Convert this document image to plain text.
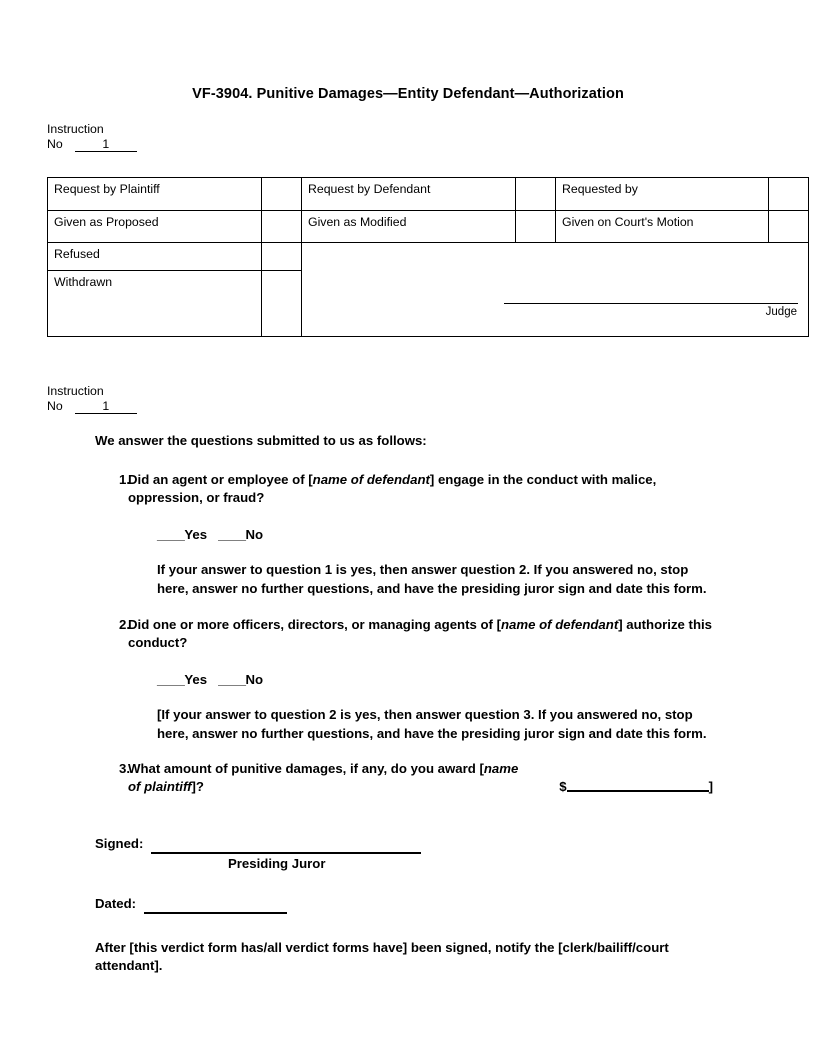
VF-3904. Punitive Damages—Entity Defendant—Authorization
Instruction
No	1
Request by Plaintiff		Request by Defendant		Requested by	
Given as Proposed		Given as Modified		Given on Court's Motion	
Refused		Judge			

Withdrawn					
Instruction
No	1

We answer the questions submitted to us as follows:

1.
Did an agent or employee of [name of defendant] engage in the conduct with malice, oppression, or fraud?
____Yes ____No

If your answer to question 1 is yes, then answer question 2. If you answered no, stop here, answer no further questions, and have the presiding juror sign and date this form.

2.
Did one or more officers, directors, or managing agents of [name of defendant] authorize this conduct?
____Yes ____No

[If your answer to question 2 is yes, then answer question 3. If you answered no, stop here, answer no further questions, and have the presiding juror sign and date this form.

3.
What amount of punitive damages, if any, do you award [name of plaintiff]?	$	]
Signed:
Presiding Juror
Dated:

After [this verdict form has/all verdict forms have] been signed, notify the [clerk/bailiff/court attendant].
